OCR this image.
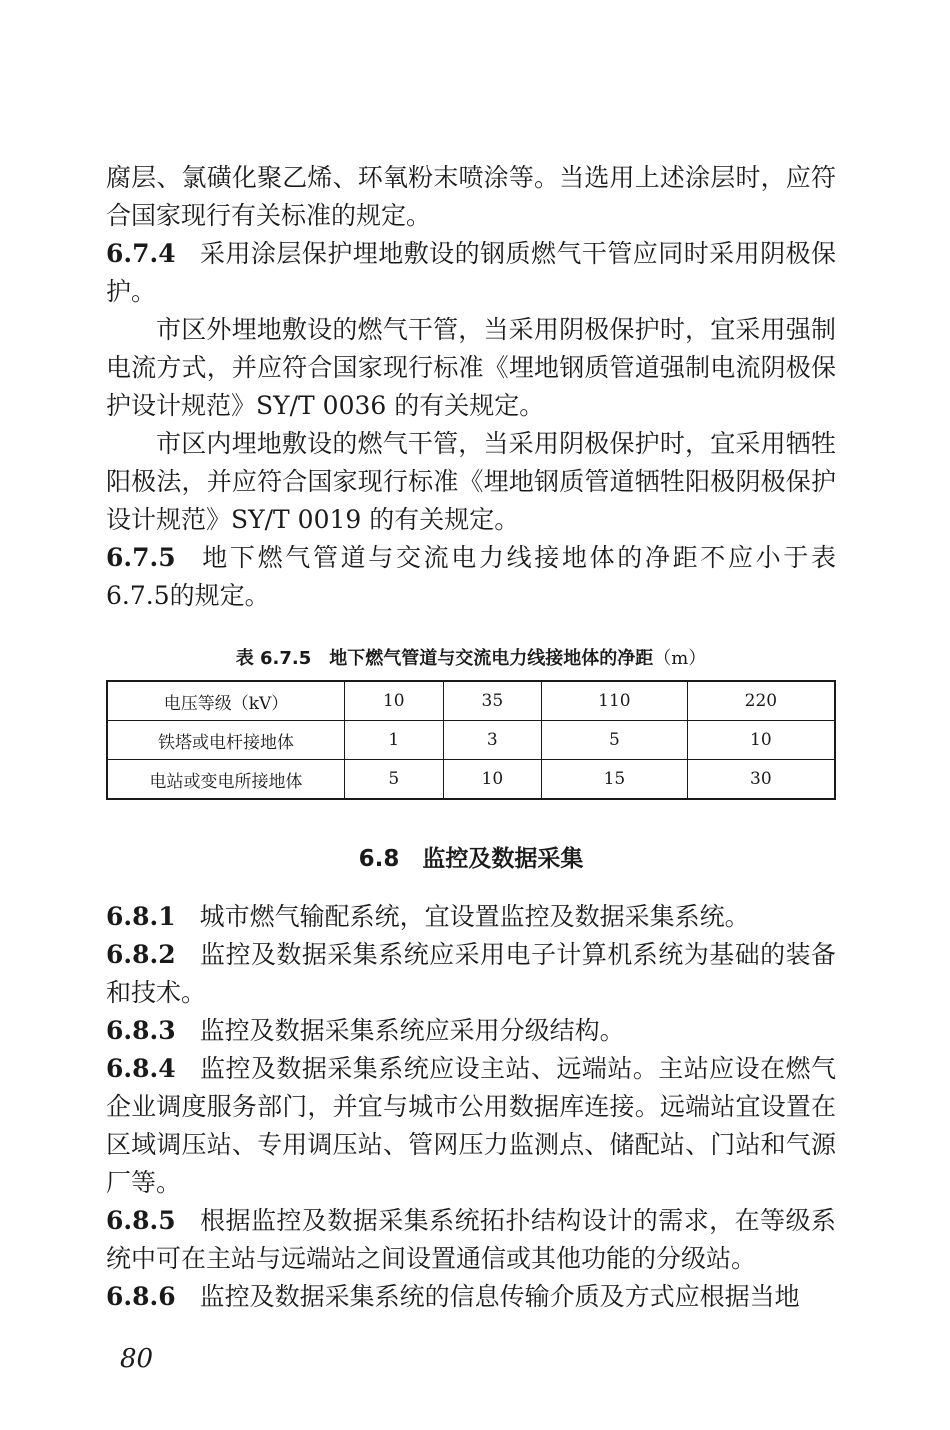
腐层、氯磺化聚乙烯、环氧粉末喷涂等。当选用上述涂层时，应符合国家现行有关标准的规定。

6.7.4 采用涂层保护埋地敷设的钢质燃气干管应同时采用阴极保护。

市区外埋地敷设的燃气干管，当采用阴极保护时，宜采用强制电流方式，并应符合国家现行标准《埋地钢质管道强制电流阴极保护设计规范》SY/T 0036 的有关规定。

市区内埋地敷设的燃气干管，当采用阴极保护时，宜采用牺牲阳极法，并应符合国家现行标准《埋地钢质管道牺牲阳极阴极保护设计规范》SY/T 0019 的有关规定。

6.7.5 地下燃气管道与交流电力线接地体的净距不应小于表 6.7.5的规定。

表 6.7.5　地下燃气管道与交流电力线接地体的净距（m）
电压等级（kV）	10	35	110	220
铁塔或电杆接地体	1	3	5	10
电站或变电所接地体	5	10	15	30
6.8　监控及数据采集

6.8.1 城市燃气输配系统，宜设置监控及数据采集系统。

6.8.2 监控及数据采集系统应采用电子计算机系统为基础的装备和技术。

6.8.3 监控及数据采集系统应采用分级结构。

6.8.4 监控及数据采集系统应设主站、远端站。主站应设在燃气企业调度服务部门，并宜与城市公用数据库连接。远端站宜设置在区域调压站、专用调压站、管网压力监测点、储配站、门站和气源厂等。

6.8.5 根据监控及数据采集系统拓扑结构设计的需求，在等级系统中可在主站与远端站之间设置通信或其他功能的分级站。

6.8.6 监控及数据采集系统的信息传输介质及方式应根据当地

80
